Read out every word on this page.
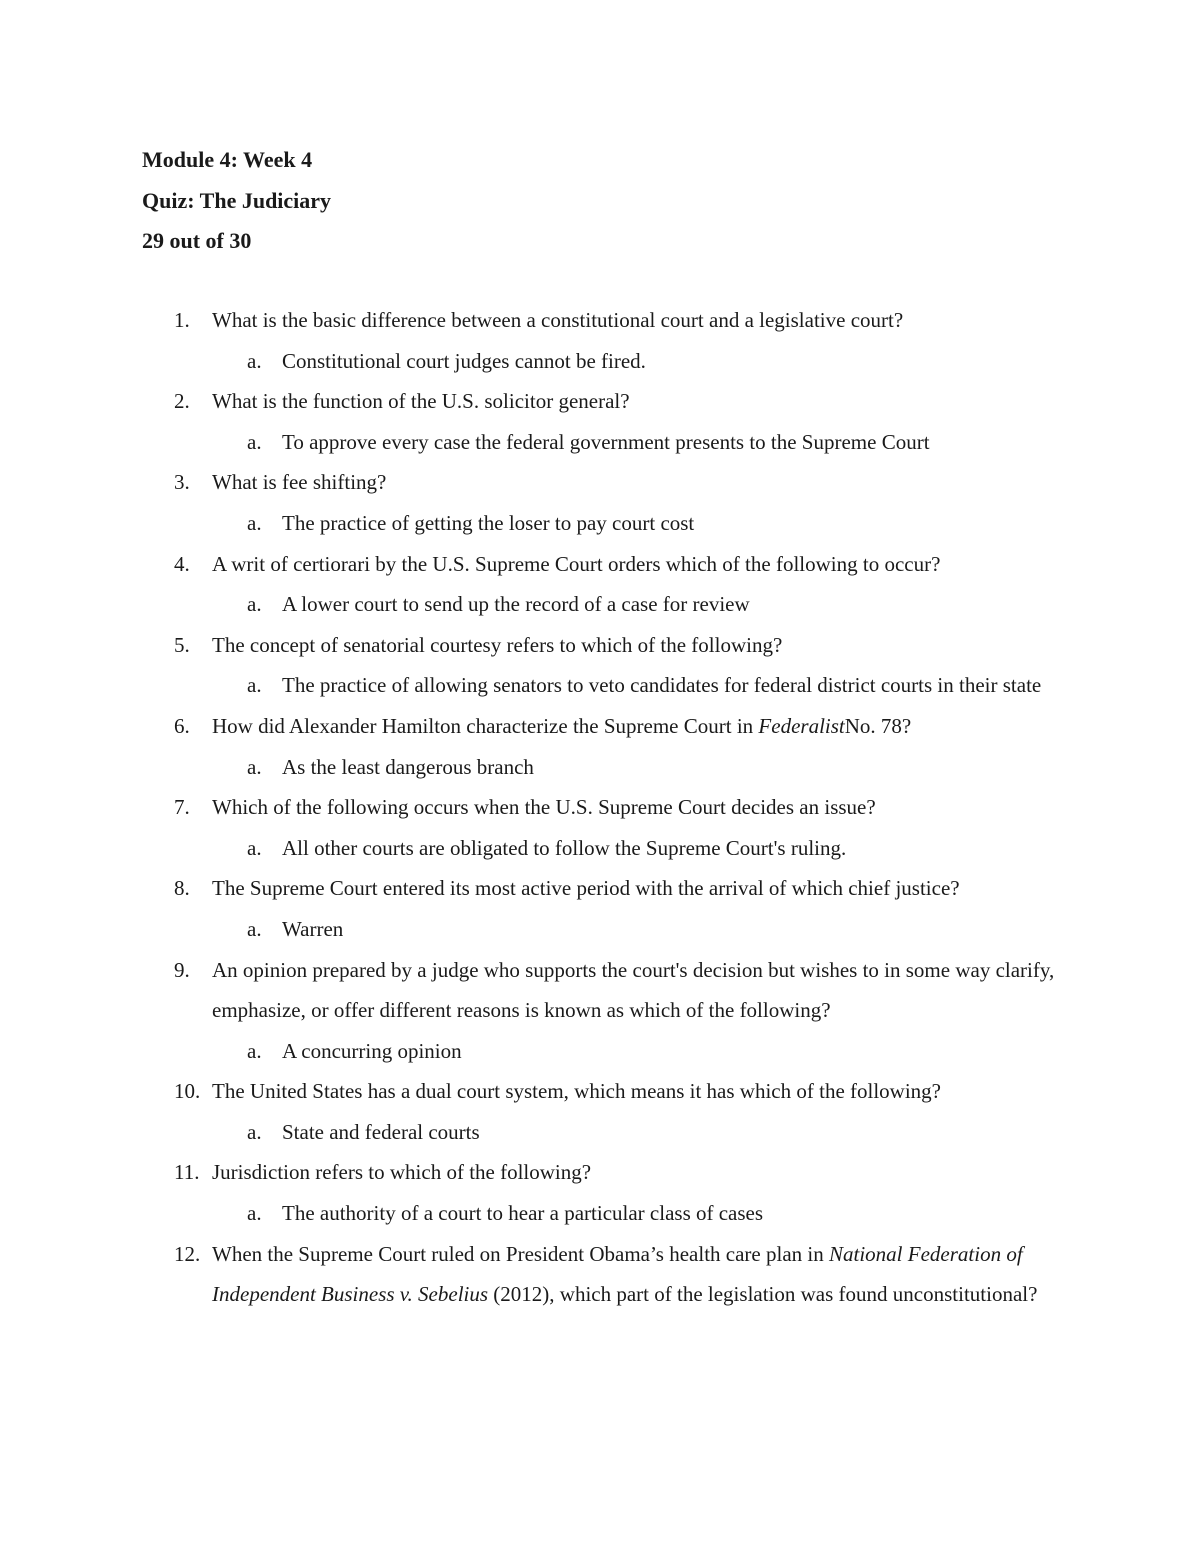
Module 4: Week 4
Quiz: The Judiciary
29 out of 30
1. What is the basic difference between a constitutional court and a legislative court?
a. Constitutional court judges cannot be fired.
2. What is the function of the U.S. solicitor general?
a. To approve every case the federal government presents to the Supreme Court
3. What is fee shifting?
a. The practice of getting the loser to pay court cost
4. A writ of certiorari by the U.S. Supreme Court orders which of the following to occur?
a. A lower court to send up the record of a case for review
5. The concept of senatorial courtesy refers to which of the following?
a. The practice of allowing senators to veto candidates for federal district courts in their state
6. How did Alexander Hamilton characterize the Supreme Court in FederalistNo. 78?
a. As the least dangerous branch
7. Which of the following occurs when the U.S. Supreme Court decides an issue?
a. All other courts are obligated to follow the Supreme Court's ruling.
8. The Supreme Court entered its most active period with the arrival of which chief justice?
a. Warren
9. An opinion prepared by a judge who supports the court's decision but wishes to in some way clarify, emphasize, or offer different reasons is known as which of the following?
a. A concurring opinion
10. The United States has a dual court system, which means it has which of the following?
a. State and federal courts
11. Jurisdiction refers to which of the following?
a. The authority of a court to hear a particular class of cases
12. When the Supreme Court ruled on President Obama’s health care plan in National Federation of Independent Business v. Sebelius (2012), which part of the legislation was found unconstitutional?
